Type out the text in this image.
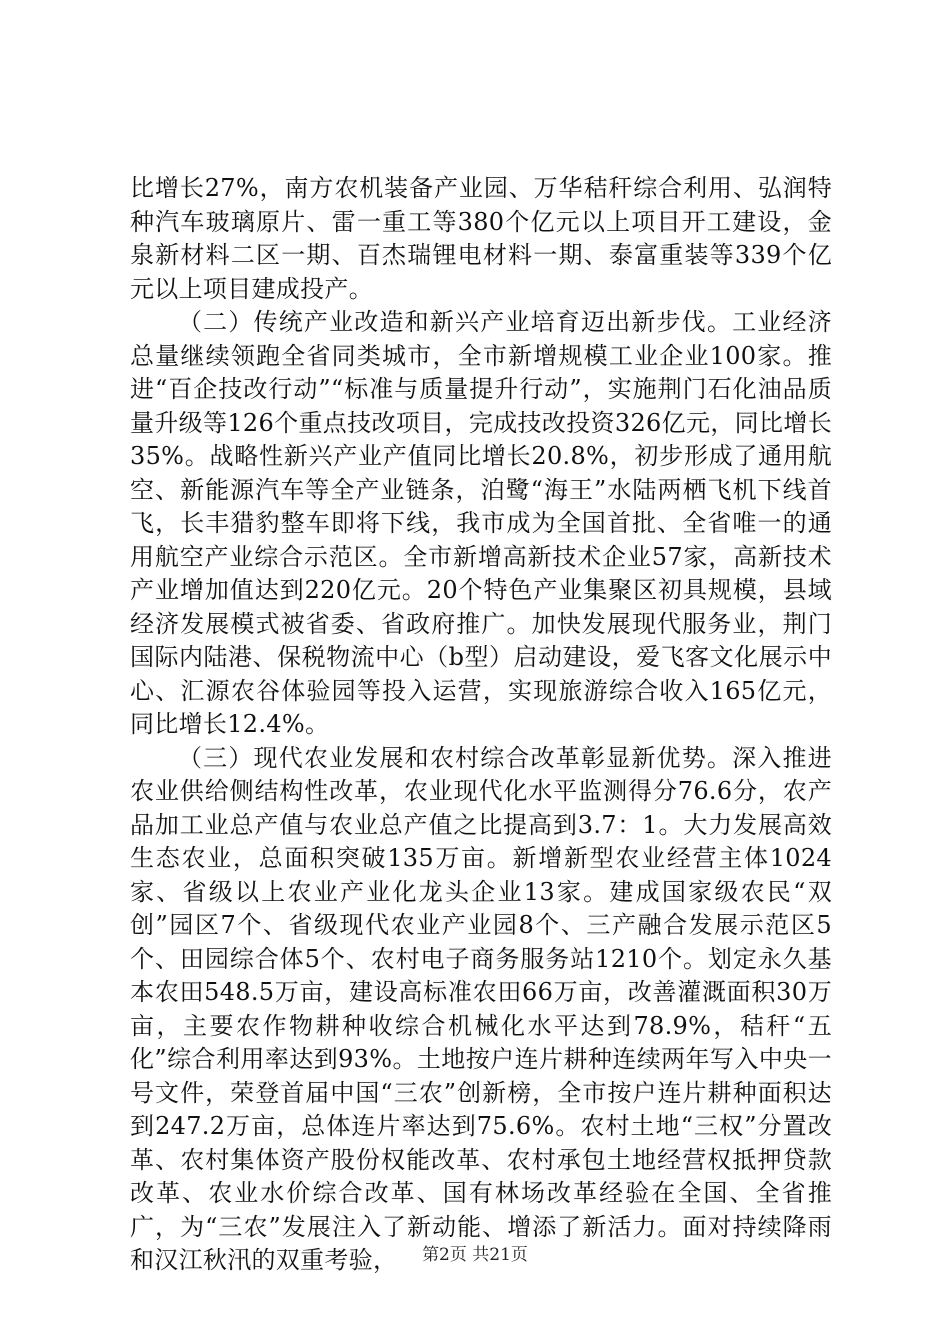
比增长27%，南方农机装备产业园、万华秸秆综合利用、弘润特种汽车玻璃原片、雷一重工等380个亿元以上项目开工建设，金泉新材料二区一期、百杰瑞锂电材料一期、泰富重装等339个亿元以上项目建成投产。

（二）传统产业改造和新兴产业培育迈出新步伐。工业经济总量继续领跑全省同类城市，全市新增规模工业企业100家。推进“百企技改行动”“标准与质量提升行动”，实施荆门石化油品质量升级等126个重点技改项目，完成技改投资326亿元，同比增长35%。战略性新兴产业产值同比增长20.8%，初步形成了通用航空、新能源汽车等全产业链条，泊鹭“海王”水陆两栖飞机下线首飞，长丰猎豹整车即将下线，我市成为全国首批、全省唯一的通用航空产业综合示范区。全市新增高新技术企业57家，高新技术产业增加值达到220亿元。20个特色产业集聚区初具规模，县域经济发展模式被省委、省政府推广。加快发展现代服务业，荆门国际内陆港、保税物流中心（b型）启动建设，爱飞客文化展示中心、汇源农谷体验园等投入运营，实现旅游综合收入165亿元，同比增长12.4%。

（三）现代农业发展和农村综合改革彰显新优势。深入推进农业供给侧结构性改革，农业现代化水平监测得分76.6分，农产品加工业总产值与农业总产值之比提高到3.7：1。大力发展高效生态农业，总面积突破135万亩。新增新型农业经营主体1024家、省级以上农业产业化龙头企业13家。建成国家级农民“双创”园区7个、省级现代农业产业园8个、三产融合发展示范区5个、田园综合体5个、农村电子商务服务站1210个。划定永久基本农田548.5万亩，建设高标准农田66万亩，改善灌溉面积30万亩，主要农作物耕种收综合机械化水平达到78.9%，秸秆“五化”综合利用率达到93%。土地按户连片耕种连续两年写入中央一号文件，荣登首届中国“三农”创新榜，全市按户连片耕种面积达到247.2万亩，总体连片率达到75.6%。农村土地“三权”分置改革、农村集体资产股份权能改革、农村承包土地经营权抵押贷款改革、农业水价综合改革、国有林场改革经验在全国、全省推广，为“三农”发展注入了新动能、增添了新活力。面对持续降雨和汉江秋汛的双重考验，	第2页 共21页
